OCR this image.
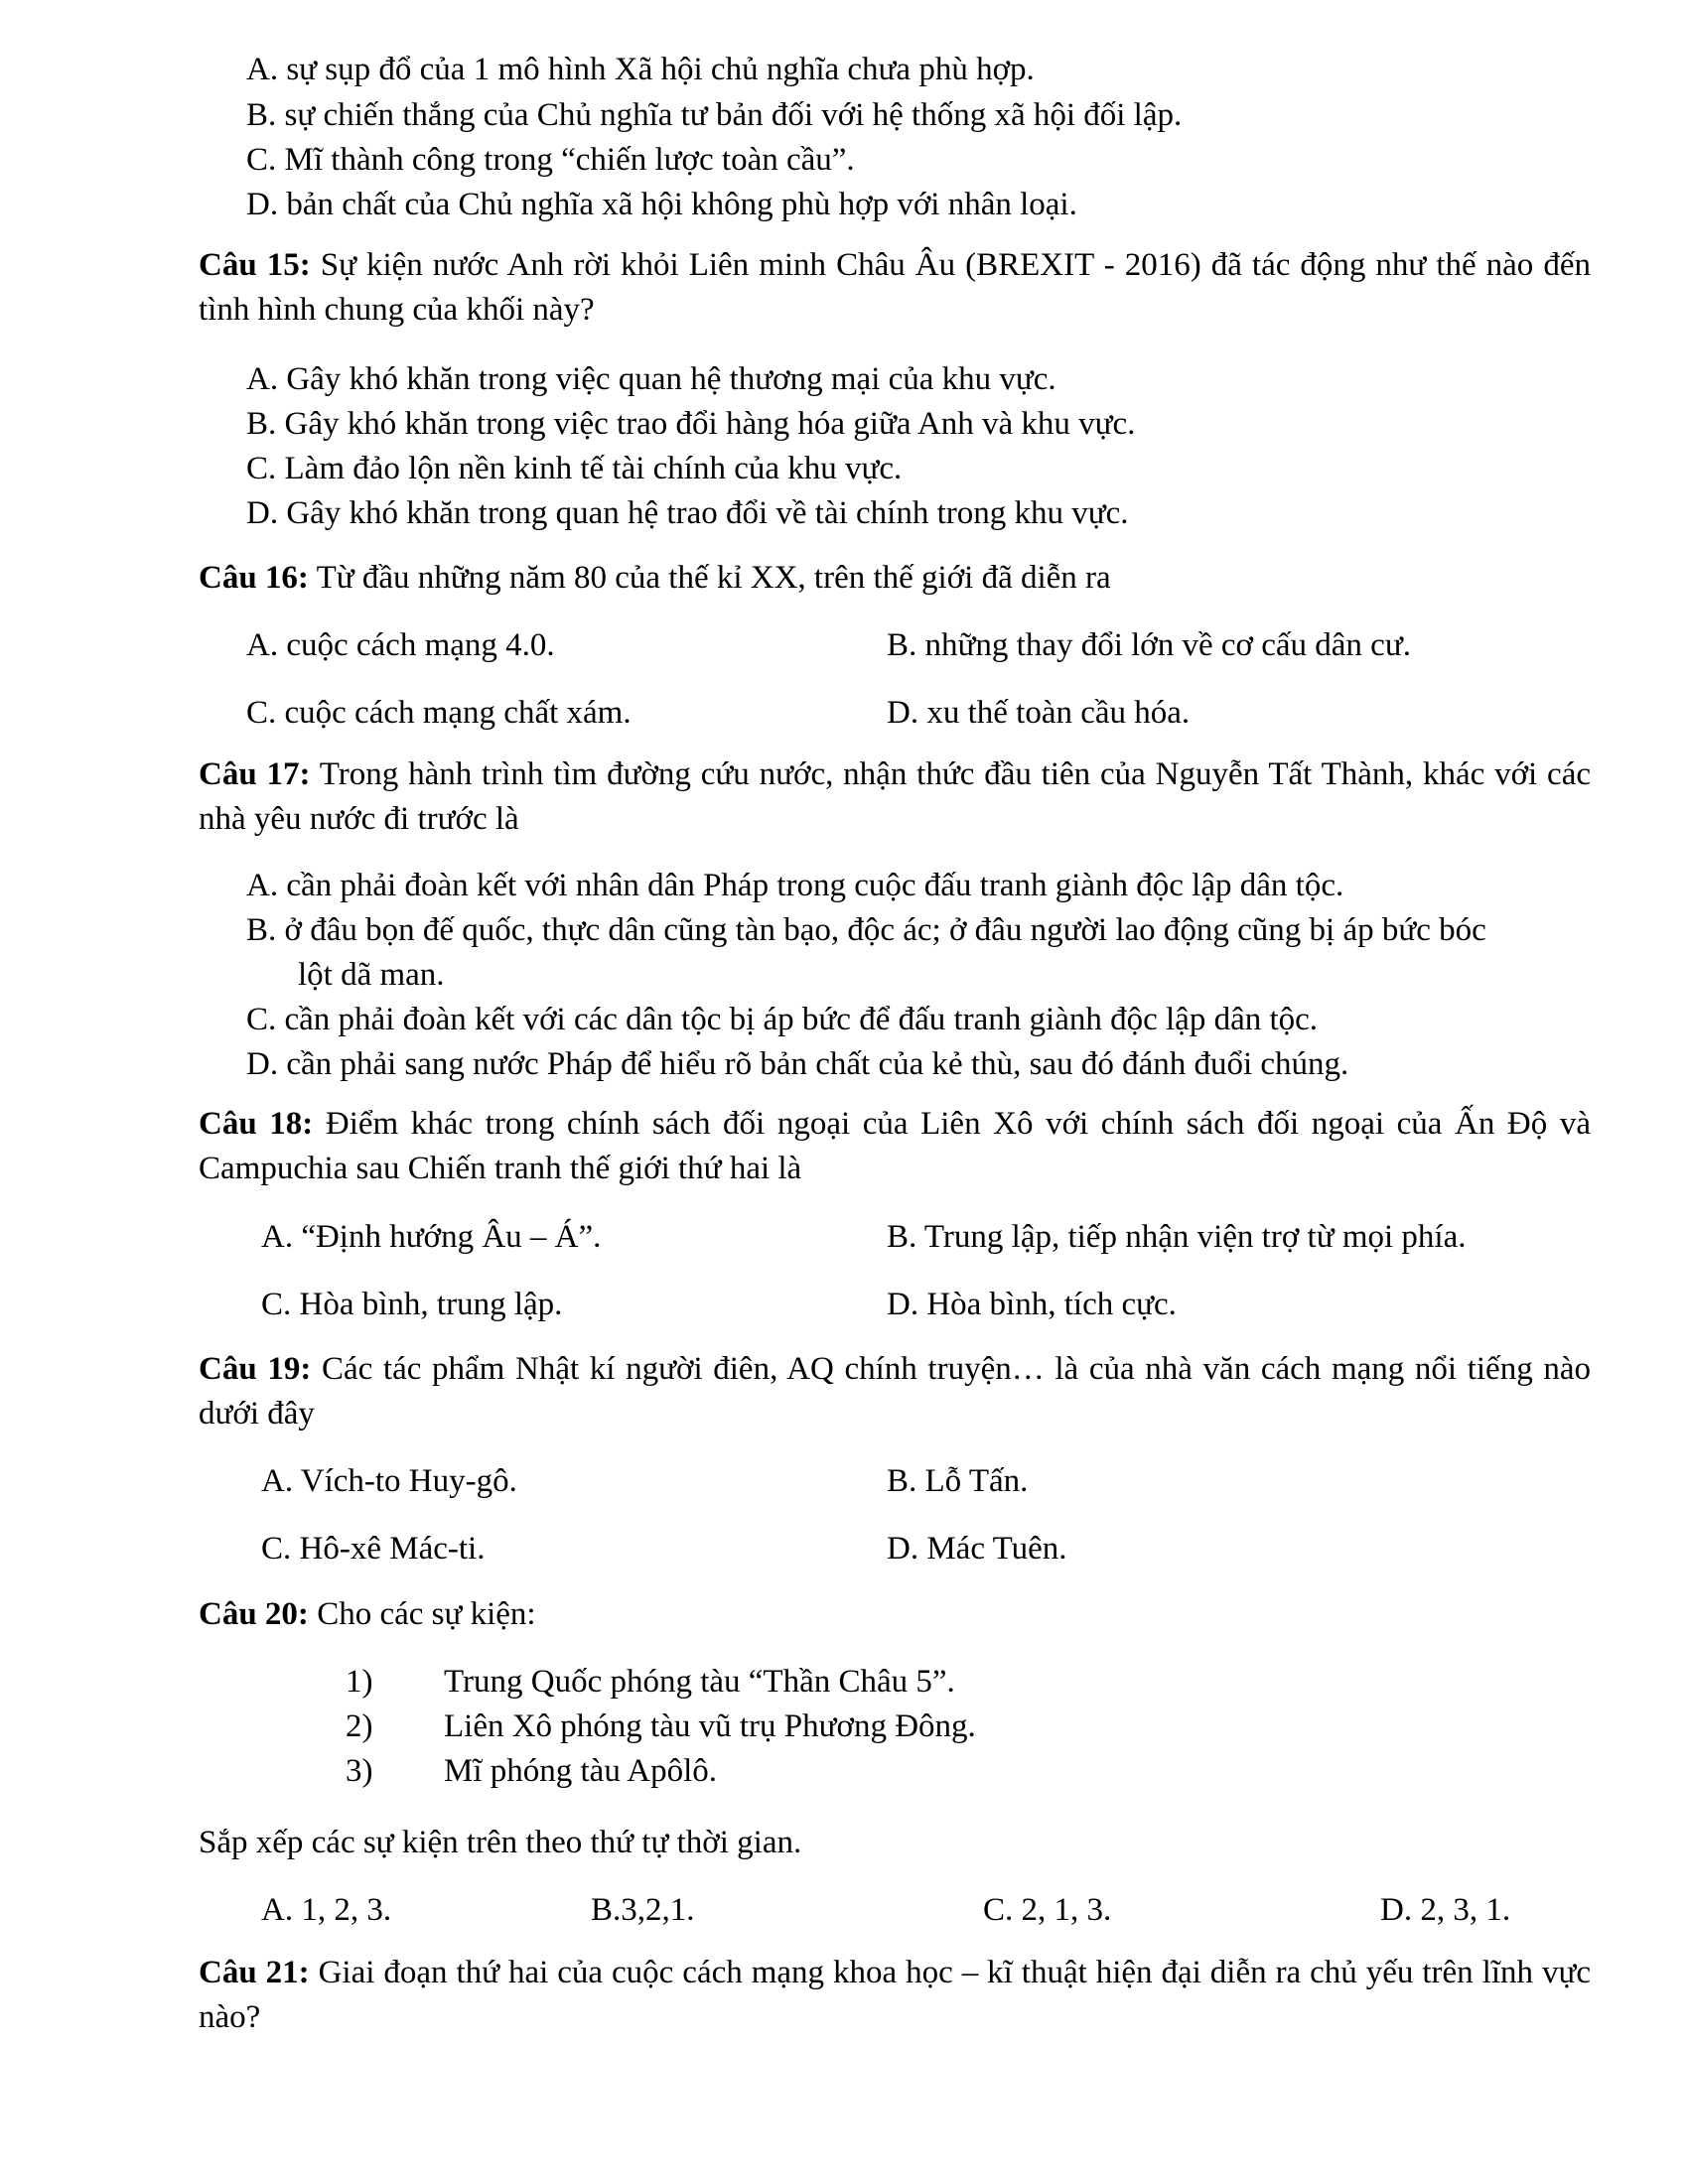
A. sự sụp đổ của 1 mô hình Xã hội chủ nghĩa chưa phù hợp.
B. sự chiến thắng của Chủ nghĩa tư bản đối với hệ thống xã hội đối lập.
C. Mĩ thành công trong “chiến lược toàn cầu”.
D. bản chất của Chủ nghĩa xã hội không phù hợp với nhân loại.
Câu 15: Sự kiện nước Anh rời khỏi Liên minh Châu Âu (BREXIT - 2016) đã tác động như thế nào đến tình hình chung của khối này?
A. Gây khó khăn trong việc quan hệ thương mại của khu vực.
B. Gây khó khăn trong việc trao đổi hàng hóa giữa Anh và khu vực.
C. Làm đảo lộn nền kinh tế tài chính của khu vực.
D. Gây khó khăn trong quan hệ trao đổi về tài chính trong khu vực.
Câu 16: Từ đầu những năm 80 của thế kỉ XX, trên thế giới đã diễn ra
A. cuộc cách mạng 4.0.	B. những thay đổi lớn về cơ cấu dân cư.
C. cuộc cách mạng chất xám.	D. xu thế toàn cầu hóa.
Câu 17: Trong hành trình tìm đường cứu nước, nhận thức đầu tiên của Nguyễn Tất Thành, khác với các nhà yêu nước đi trước là
A. cần phải đoàn kết với nhân dân Pháp trong cuộc đấu tranh giành độc lập dân tộc.
B. ở đâu bọn đế quốc, thực dân cũng tàn bạo, độc ác; ở đâu người lao động cũng bị áp bức bóc
lột dã man.
C. cần phải đoàn kết với các dân tộc bị áp bức để đấu tranh giành độc lập dân tộc.
D. cần phải sang nước Pháp để hiểu rõ bản chất của kẻ thù, sau đó đánh đuổi chúng.
Câu 18: Điểm khác trong chính sách đối ngoại của Liên Xô với chính sách đối ngoại của Ấn Độ và Campuchia sau Chiến tranh thế giới thứ hai là
A. “Định hướng Âu – Á”.	B. Trung lập, tiếp nhận viện trợ từ mọi phía.
C. Hòa bình, trung lập.	D. Hòa bình, tích cực.
Câu 19: Các tác phẩm Nhật kí người điên, AQ chính truyện… là của nhà văn cách mạng nổi tiếng nào dưới đây
A. Vích-to Huy-gô.	B. Lỗ Tấn.
C. Hô-xê Mác-ti.	D. Mác Tuên.
Câu 20: Cho các sự kiện:
1) Trung Quốc phóng tàu “Thần Châu 5”.
2) Liên Xô phóng tàu vũ trụ Phương Đông.
3) Mĩ phóng tàu Apôlô.
Sắp xếp các sự kiện trên theo thứ tự thời gian.
A. 1, 2, 3.	B.3,2,1.	C. 2, 1, 3.	D. 2, 3, 1.
Câu 21: Giai đoạn thứ hai của cuộc cách mạng khoa học – kĩ thuật hiện đại diễn ra chủ yếu trên lĩnh vực nào?
